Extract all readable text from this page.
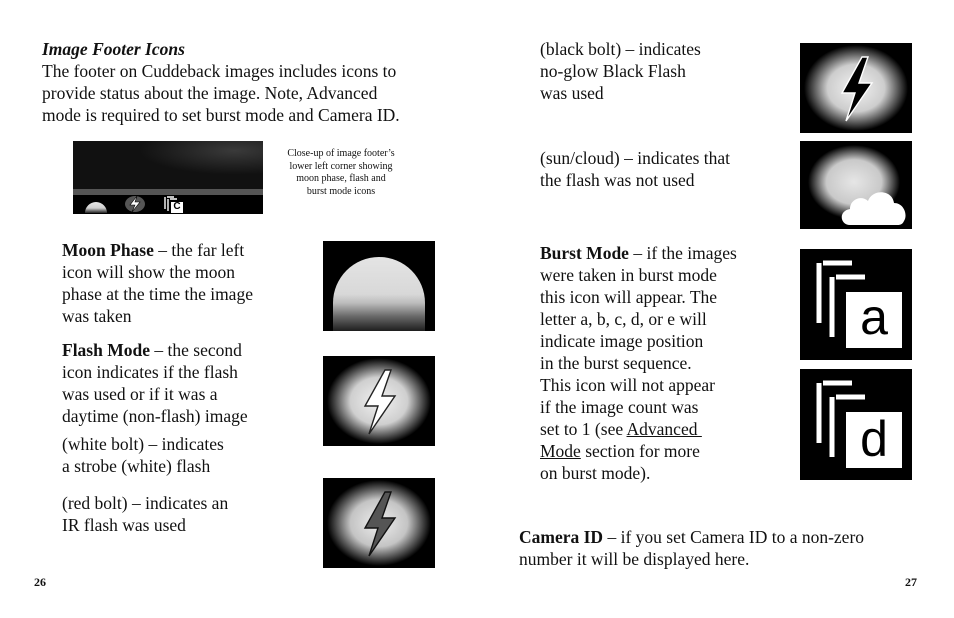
Image Footer Icons
The footer on Cuddeback images includes icons to
provide status about the image. Note, Advanced
mode is required to set burst mode and Camera ID.
C
Close-up of image footer’s
lower left corner showing
moon phase, flash and
burst mode icons
Moon Phase – the far left
icon will show the moon
phase at the time the image
was taken
Flash Mode – the second
icon indicates if the flash
was used or if it was a
daytime (non-flash) image
(white bolt) – indicates
a strobe (white) flash
(red bolt) – indicates an
IR flash was used
26
(black bolt) – indicates
no-glow Black Flash
was used
(sun/cloud) – indicates that
the flash was not used
Burst Mode – if the images
were taken in burst mode
this icon will appear. The
letter a, b, c, d, or e will
indicate image position
in the burst sequence.
This icon will not appear
if the image count was
set to 1 (see Advanced
Mode section for more
on burst mode).
a
d
Camera ID – if you set Camera ID to a non-zero
number it will be displayed here.
27
